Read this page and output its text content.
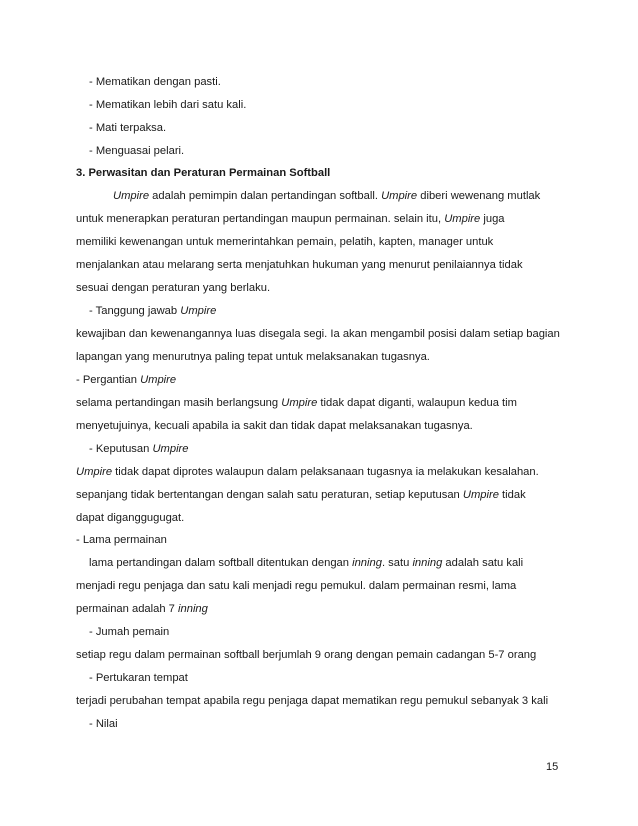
- Mematikan dengan pasti.
- Mematikan lebih dari satu kali.
- Mati terpaksa.
- Menguasai pelari.
3. Perwasitan dan Peraturan Permainan Softball
Umpire adalah pemimpin dalan pertandingan softball. Umpire diberi wewenang mutlak
untuk menerapkan peraturan pertandingan maupun permainan. selain itu, Umpire juga
memiliki kewenangan untuk memerintahkan pemain, pelatih, kapten, manager untuk
menjalankan atau melarang serta menjatuhkan hukuman yang menurut penilaiannya tidak
sesuai dengan peraturan yang berlaku.
- Tanggung jawab Umpire
kewajiban dan kewenangannya luas disegala segi. Ia akan mengambil posisi dalam setiap bagian
lapangan yang menurutnya paling tepat untuk melaksanakan tugasnya.
- Pergantian Umpire
selama pertandingan masih berlangsung Umpire tidak dapat diganti, walaupun kedua tim
menyetujuinya, kecuali apabila ia sakit dan tidak dapat melaksanakan tugasnya.
- Keputusan Umpire
Umpire tidak dapat diprotes walaupun dalam pelaksanaan tugasnya ia melakukan kesalahan.
sepanjang tidak bertentangan dengan salah satu peraturan, setiap keputusan Umpire tidak
dapat diganggugugat.
- Lama permainan
lama pertandingan dalam softball ditentukan dengan inning. satu inning adalah satu kali
menjadi regu penjaga dan satu kali menjadi regu pemukul. dalam permainan resmi, lama
permainan adalah 7 inning
- Jumah pemain
setiap regu dalam permainan softball berjumlah 9 orang dengan pemain cadangan 5-7 orang
- Pertukaran tempat
terjadi perubahan tempat apabila regu penjaga dapat mematikan regu pemukul sebanyak 3 kali
- Nilai
15
